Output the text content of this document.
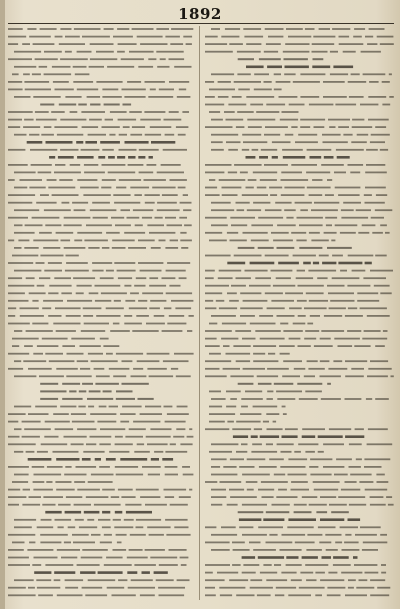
1892
